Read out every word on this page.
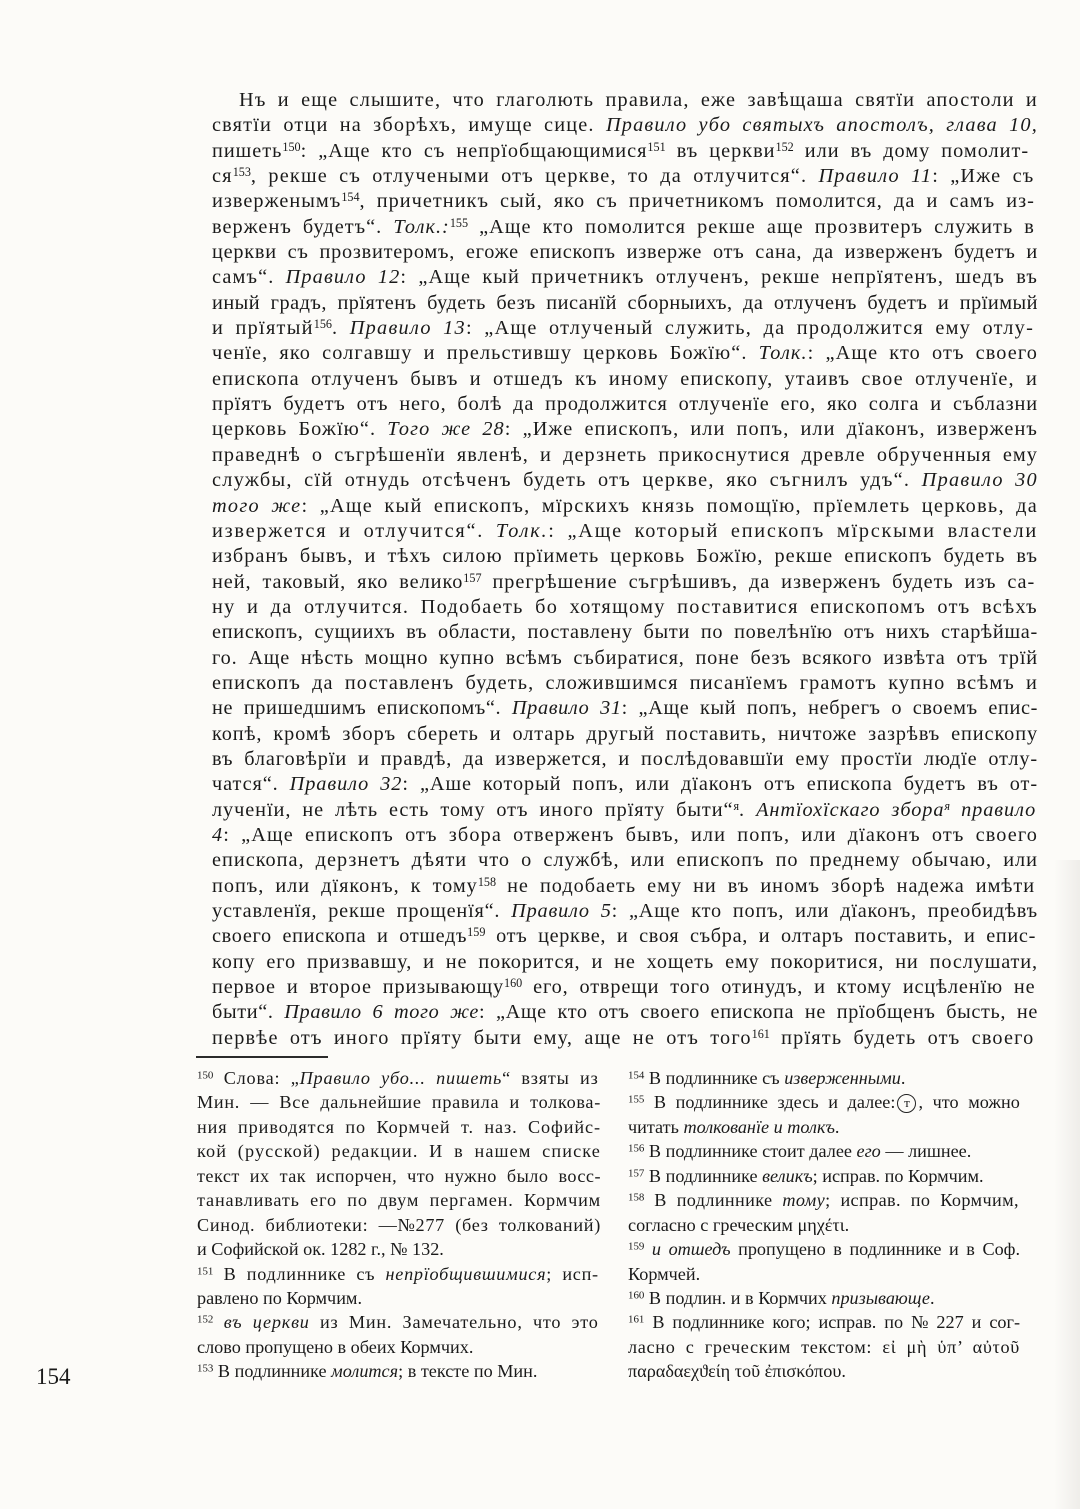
Нъ и еще слышите, что глаголють правила, еже завѣщаша святїи апостоли и
святїи отци на зборѣхъ, имуще сице. Правило убо святыхъ апостолъ, глава 10,
пишеть$^{150}$: „Аще кто съ непрїобщающимися$^{151}$ въ церкви$^{152}$ или въ дому помолит-
$ся^{153}$, рекше съ отлучеными отъ церкве, то да отлучится“. Правило 11: „Иже съ
изверженымъ$^{154}$, причетникъ сый, яко съ причетникомъ помолится, да и самъ из-
верженъ будетъ“. Толк.:$^{155}$ „Аще кто помолится рекше аще прозвитеръ служить в
церкви съ прозвитеромъ, егоже епископъ изверже отъ сана, да изверженъ будетъ и
самъ“. Правило 12: „Аще кый причетникъ отлученъ, рекше непрїятенъ, шедъ въ
иный градъ, прїятенъ будеть безъ писанїй сборныихъ, да отлученъ будетъ и прїимый
и прїятый$^{156}$. Правило 13: „Аще отлученый служить, да продолжится ему отлу-
ченїе, яко солгавшу и прельстившу церковь Божїю“. Толк.: „Аще кто отъ своего
епископа отлученъ бывъ и отшедъ къ иному епископу, утаивъ свое отлученїе, и
прїятъ будетъ отъ него, болѣ да продолжится отлученїе его, яко солга и съблазни
церковь Божїю“. Того же 28: „Иже епископъ, или попъ, или дїаконъ, изверженъ
праведнѣ о съгрѣшенїи явленѣ, и дерзнеть прикоснутися древле обрученныя ему
службы, сїй отнудь отсѣченъ будеть отъ церкве, яко съгнилъ удъ“. Правило 30
того же: „Аще кый епископъ, мїрскихъ князь помощїю, прїемлеть церковь, да
извержется и отлучится“. Толк.: „Аще который епископъ мїрскыми властели
избранъ бывъ, и тѣхъ силою прїиметь церковь Божїю, рекше епископъ будеть въ
ней, таковый, яко велико$^{157}$ прегрѣшение съгрѣшивъ, да изверженъ будеть изъ са-
ну и да отлучится. Подобаеть бо хотящому поставитися епископомъ отъ всѣхъ
епископъ, сущиихъ въ области, поставлену быти по повелѣнїю отъ нихъ старѣйша-
го. Аще нѣсть мощно купно всѣмъ събиратися, поне безъ всякого извѣта отъ трїй
епископъ да поставленъ будеть, сложившимся писанїемъ грамотъ купно всѣмъ и
не пришедшимъ епископомъ“. Правило 31: „Аще кый попъ, небрегъ о своемъ епис-
копѣ, кромѣ зборъ сбереть и олтарь другый поставить, ничтоже зазрѣвъ епископу
въ благовѣрїи и правдѣ, да извержется, и послѣдовавшїи ему простїи людїе отлу-
чатся“. Правило 32: „Аше который попъ, или дїаконъ отъ епископа будетъ въ от-
лученїи, не лѣть есть тому отъ иного прїяту быти“$^я$. Антїохїскаго збора$^я$ правило
4: „Аще епископъ отъ збора отверженъ бывъ, или попъ, или дїаконъ отъ своего
епископа, дерзнетъ дѣяти что о службѣ, или епископъ по преднему обычаю, или
попъ, или дїяконъ, к тому$^{158}$ не подобаеть ему ни въ иномъ зборѣ надежа имѣти
уставленїя, рекше прощенїя“. Правило 5: „Аще кто попъ, или дїаконъ, преобидѣвъ
своего епископа и отшедъ$^{159}$ отъ церкве, и своя събра, и олтаръ поставить, и епис-
копу его призвавшу, и не покорится, и не хощеть ему покоритися, ни послушати,
первое и второе призывающу$^{160}$ его, отврещи того отинудъ, и ктому исцѣленїю не
быти“. Правило 6 того же: „Аще кто отъ своего епископа не прїобщенъ бысть, не
первѣе отъ иного прїяту быти ему, аще не отъ того$^{161}$ прїять будеть отъ своего
$^{150}$ Слова: „Правило убо... пишеть“ взяты из
Мин. — Все дальнейшие правила и толкова-
ния приводятся по Кормчей т. наз. Софийс-
кой (русской) редакции. И в нашем списке
текст их так испорчен, что нужно было восс-
танавливать его по двум пергамен. Кормчим
Синод. библиотеки: —№277 (без толкований)
и Софийской ок. 1282 г., № 132.
$^{151}$ В подлиннике съ непрїобщившимися; исп-
равлено по Кормчим.
$^{152}$ въ церкви из Мин. Замечательно, что это
слово пропущено в обеих Кормчих.
$^{153}$ В подлиннике молится; в тексте по Мин.
$^{154}$ В подлиннике съ изверженными.
$^{155}$ В подлиннике здесь и далее: т , что можно
читать толкованїе и толкъ.
$^{156}$ В подлиннике стоит далее его — лишнее.
$^{157}$ В подлиннике великъ; исправ. по Кормчим.
$^{158}$ В подлиннике тому; исправ. по Кормчим,
согласно с греческим μηχέτι.
$^{159}$ и отшедъ пропущено в подлиннике и в Соф.
Кормчей.
$^{160}$ В подлин. и в Кормчих призывающе.
$^{161}$ В подлиннике кого; исправ. по № 227 и сог-
ласно с греческим текстом: εἰ μὴ ὑπ’ αὐτοῦ
παραδαεχϑείη τοῦ ἐπισκόπου.
154
